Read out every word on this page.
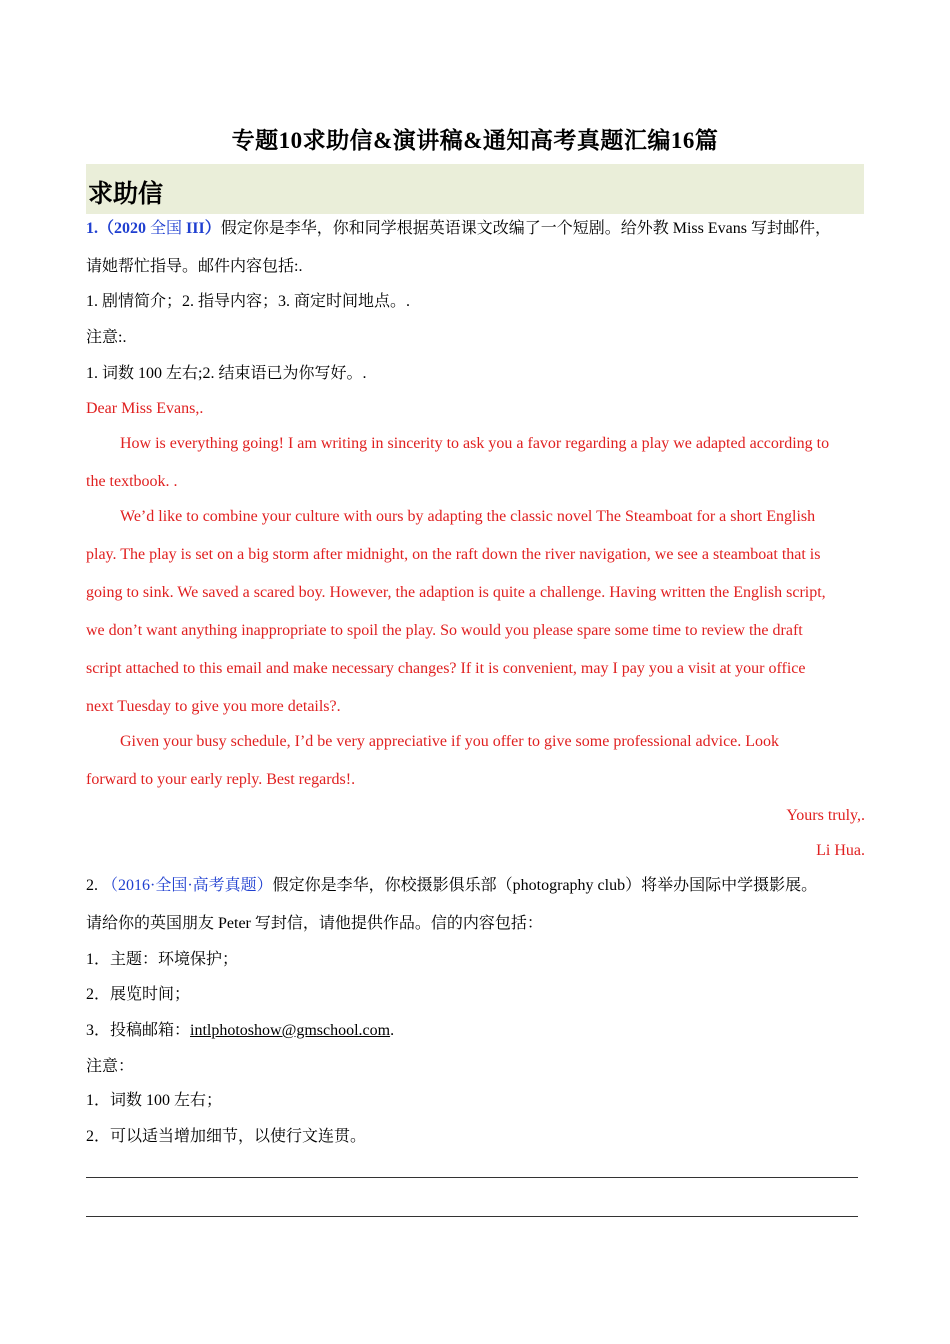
专题10求助信&演讲稿&通知高考真题汇编16篇
求助信
1.（2020 全国 III）假定你是李华，你和同学根据英语课文改编了一个短剧。给外教 Miss Evans 写封邮件，
请她帮忙指导。邮件内容包括:.
1. 剧情简介；2. 指导内容；3. 商定时间地点。.
注意:.
1. 词数 100 左右;2. 结束语已为你写好。.
Dear Miss Evans,.
How is everything going! I am writing in sincerity to ask you a favor regarding a play we adapted according to
the textbook. .
We’d like to combine your culture with ours by adapting the classic novel The Steamboat for a short English
play. The play is set on a big storm after midnight, on the raft down the river navigation, we see a steamboat that is
going to sink. We saved a scared boy. However, the adaption is quite a challenge. Having written the English script,
we don’t want anything inappropriate to spoil the play. So would you please spare some time to review the draft
script attached to this email and make necessary changes? If it is convenient, may I pay you a visit at your office
next Tuesday to give you more details?.
Given your busy schedule, I’d be very appreciative if you offer to give some professional advice. Look
forward to your early reply. Best regards!.
Yours truly,.
Li Hua.
2. （2016·全国·高考真题）假定你是李华，你校摄影俱乐部（photography club）将举办国际中学摄影展。
请给你的英国朋友 Peter 写封信，请他提供作品。信的内容包括：
1．主题：环境保护；
2．展览时间；
3．投稿邮箱：intlphotoshow@gmschool.com.
注意：
1．词数 100 左右；
2．可以适当增加细节，以使行文连贯。
